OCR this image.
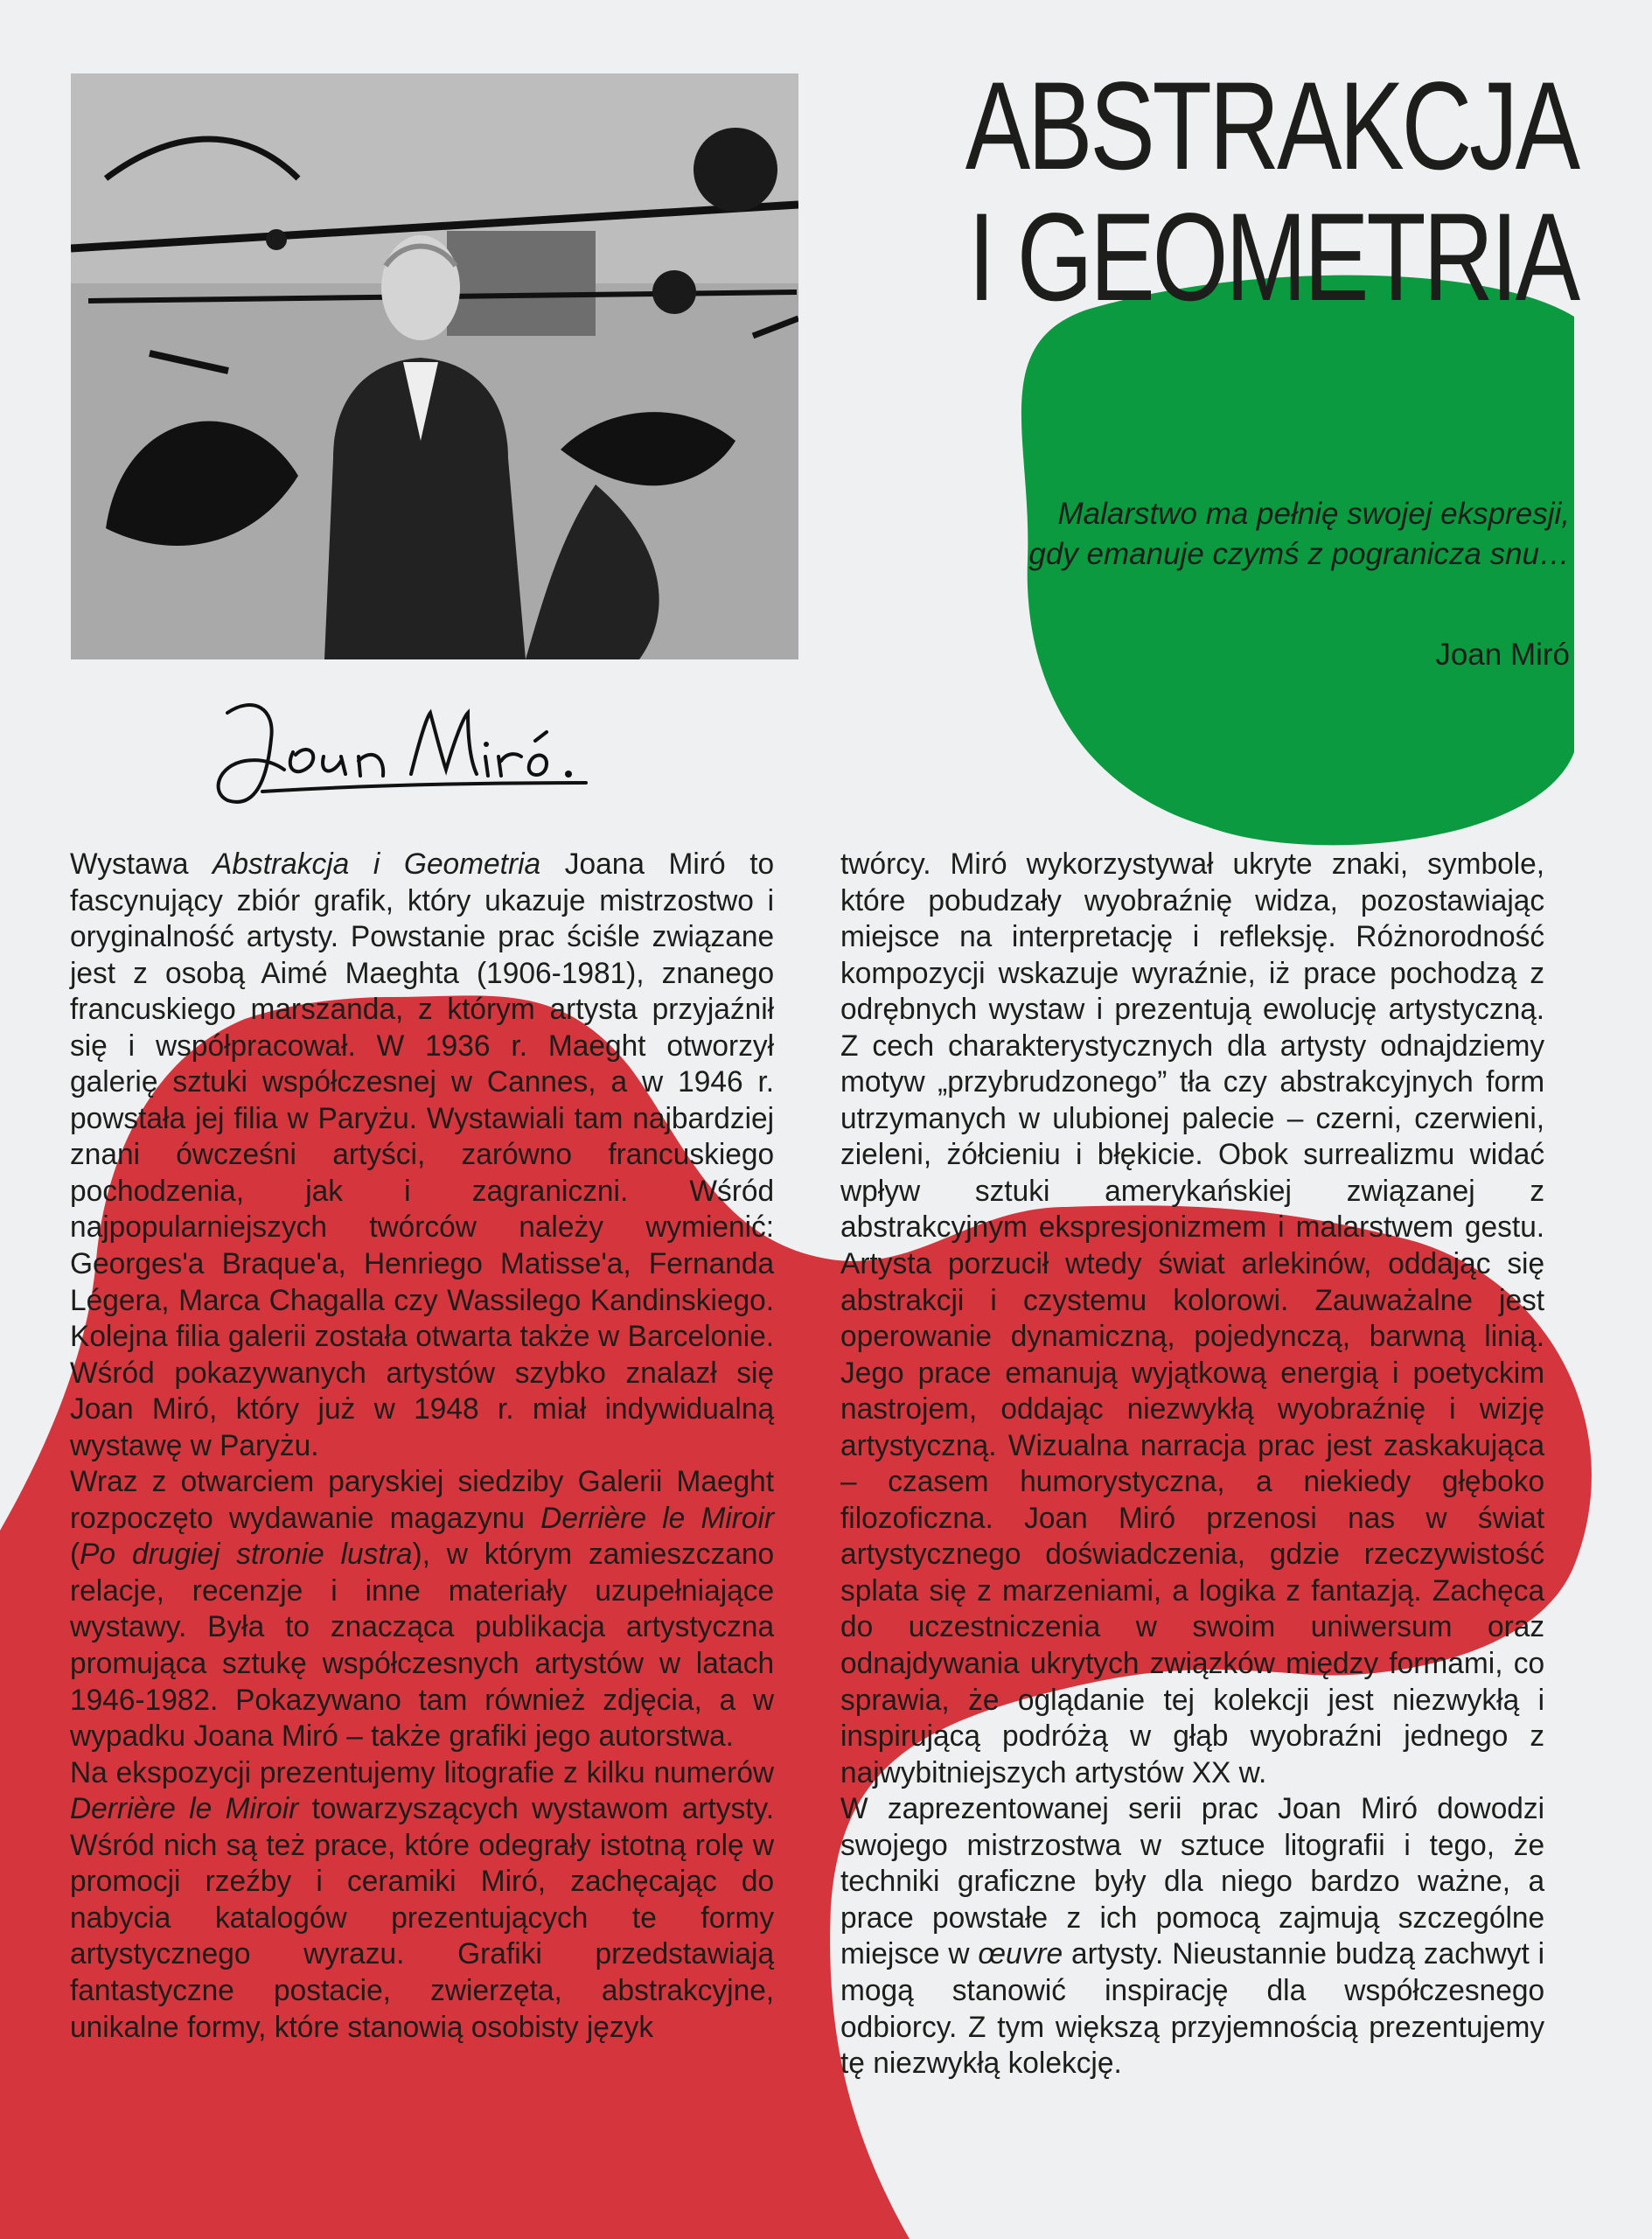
ABSTRAKCJA
I GEOMETRIA
Malarstwo ma pełnię swojej ekspresji,
gdy emanuje czymś z pogranicza snu…
Joan Miró

Wystawa Abstrakcja i Geometria Joana Miró to fascynujący zbiór grafik, który ukazuje mistrzostwo i oryginalność artysty. Powstanie prac ściśle związane jest z osobą Aimé Maeghta (1906-1981), znanego francuskiego marszanda, z którym artysta przyjaźnił się i współpracował. W 1936 r. Maeght otworzył galerię sztuki współczesnej w Cannes, a w 1946 r. powstała jej filia w Paryżu. Wystawiali tam najbardziej znani ówcześni artyści, zarówno francuskiego pochodzenia, jak i zagraniczni. Wśród najpopularniejszych twórców należy wymienić: Georges'a Braque'a, Henriego Matisse'a, Fernanda Légera, Marca Chagalla czy Wassilego Kandinskiego. Kolejna filia galerii została otwarta także w Barcelonie. Wśród pokazywanych artystów szybko znalazł się Joan Miró, który już w 1948 r. miał indywidualną wystawę w Paryżu.

Wraz z otwarciem paryskiej siedziby Galerii Maeght rozpoczęto wydawanie magazynu Derrière le Miroir (Po drugiej stronie lustra), w którym zamieszczano relacje, recenzje i inne materiały uzupełniające wystawy. Była to znacząca publikacja artystyczna promująca sztukę współczesnych artystów w latach 1946-1982. Pokazywano tam również zdjęcia, a w wypadku Joana Miró – także grafiki jego autorstwa.

Na ekspozycji prezentujemy litografie z kilku numerów Derrière le Miroir towarzyszących wystawom artysty. Wśród nich są też prace, które odegrały istotną rolę w promocji rzeźby i ceramiki Miró, zachęcając do nabycia katalogów prezentujących te formy artystycznego wyrazu. Grafiki przedstawiają fantastyczne postacie, zwierzęta, abstrakcyjne, unikalne formy, które stanowią osobisty język

twórcy. Miró wykorzystywał ukryte znaki, symbole, które pobudzały wyobraźnię widza, pozostawiając miejsce na interpretację i refleksję. Różnorodność kompozycji wskazuje wyraźnie, iż prace pochodzą z odrębnych wystaw i prezentują ewolucję artystyczną. Z cech charakterystycznych dla artysty odnajdziemy motyw „przybrudzonego” tła czy abstrakcyjnych form utrzymanych w ulubionej palecie – czerni, czerwieni, zieleni, żółcieniu i błękicie. Obok surrealizmu widać wpływ sztuki amerykańskiej związanej z abstrakcyjnym ekspresjonizmem i malarstwem gestu. Artysta porzucił wtedy świat arlekinów, oddając się abstrakcji i czystemu kolorowi. Zauważalne jest operowanie dynamiczną, pojedynczą, barwną linią. Jego prace emanują wyjątkową energią i poetyckim nastrojem, oddając niezwykłą wyobraźnię i wizję artystyczną. Wizualna narracja prac jest zaskakująca – czasem humorystyczna, a niekiedy głęboko filozoficzna. Joan Miró przenosi nas w świat artystycznego doświadczenia, gdzie rzeczywistość splata się z marzeniami, a logika z fantazją. Zachęca do uczestniczenia w swoim uniwersum oraz odnajdywania ukrytych związków między formami, co sprawia, że oglądanie tej kolekcji jest niezwykłą i inspirującą podróżą w głąb wyobraźni jednego z najwybitniejszych artystów XX w.

W zaprezentowanej serii prac Joan Miró dowodzi swojego mistrzostwa w sztuce litografii i tego, że techniki graficzne były dla niego bardzo ważne, a prace powstałe z ich pomocą zajmują szczególne miejsce w œuvre artysty. Nieustannie budzą zachwyt i mogą stanowić inspirację dla współczesnego odbiorcy. Z tym większą przyjemnością prezentujemy tę niezwykłą kolekcję.
